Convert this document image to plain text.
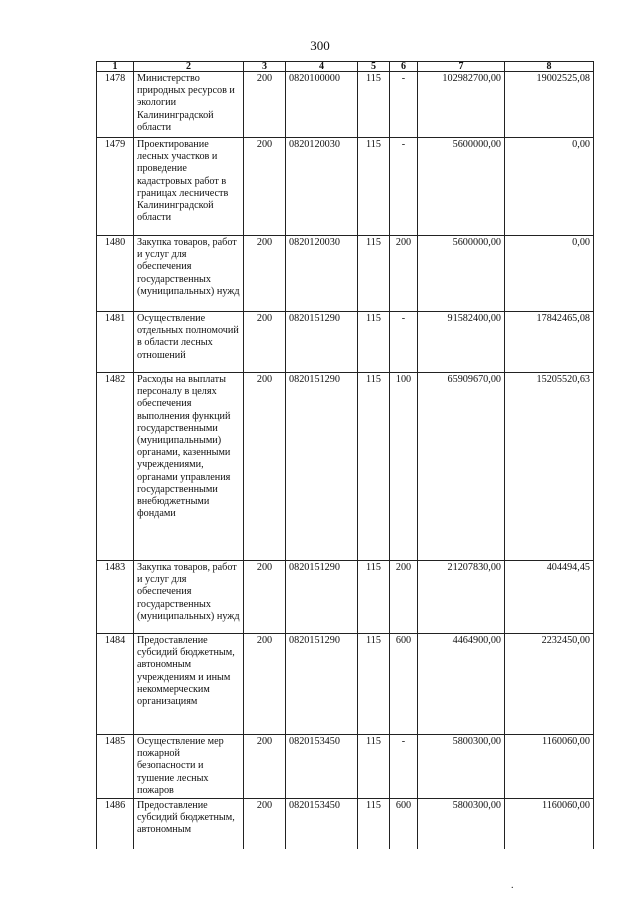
300
1	2	3	4	5	6	7	8
1478	Министерство природных ресурсов и экологии Калининградской области	200	0820100000	115	-	102982700,00	19002525,08
1479	Проектирование лесных участков и проведение кадастровых работ в границах лесничеств Калининградской области	200	0820120030	115	-	5600000,00	0,00
1480	Закупка товаров, работ и услуг для обеспечения государственных (муниципальных) нужд	200	0820120030	115	200	5600000,00	0,00
1481	Осуществление отдельных полномочий в области лесных отношений	200	0820151290	115	-	91582400,00	17842465,08
1482	Расходы на выплаты персоналу в целях обеспечения выполнения функций государственными (муниципальными) органами, казенными учреждениями, органами управления государственными внебюджетными фондами	200	0820151290	115	100	65909670,00	15205520,63
1483	Закупка товаров, работ и услуг для обеспечения государственных (муниципальных) нужд	200	0820151290	115	200	21207830,00	404494,45
1484	Предоставление субсидий бюджетным, автономным учреждениям и иным некоммерческим организациям	200	0820151290	115	600	4464900,00	2232450,00
1485	Осуществление мер пожарной безопасности и тушение лесных пожаров	200	0820153450	115	-	5800300,00	1160060,00
1486	Предоставление субсидий бюджетным, автономным	200	0820153450	115	600	5800300,00	1160060,00
.
